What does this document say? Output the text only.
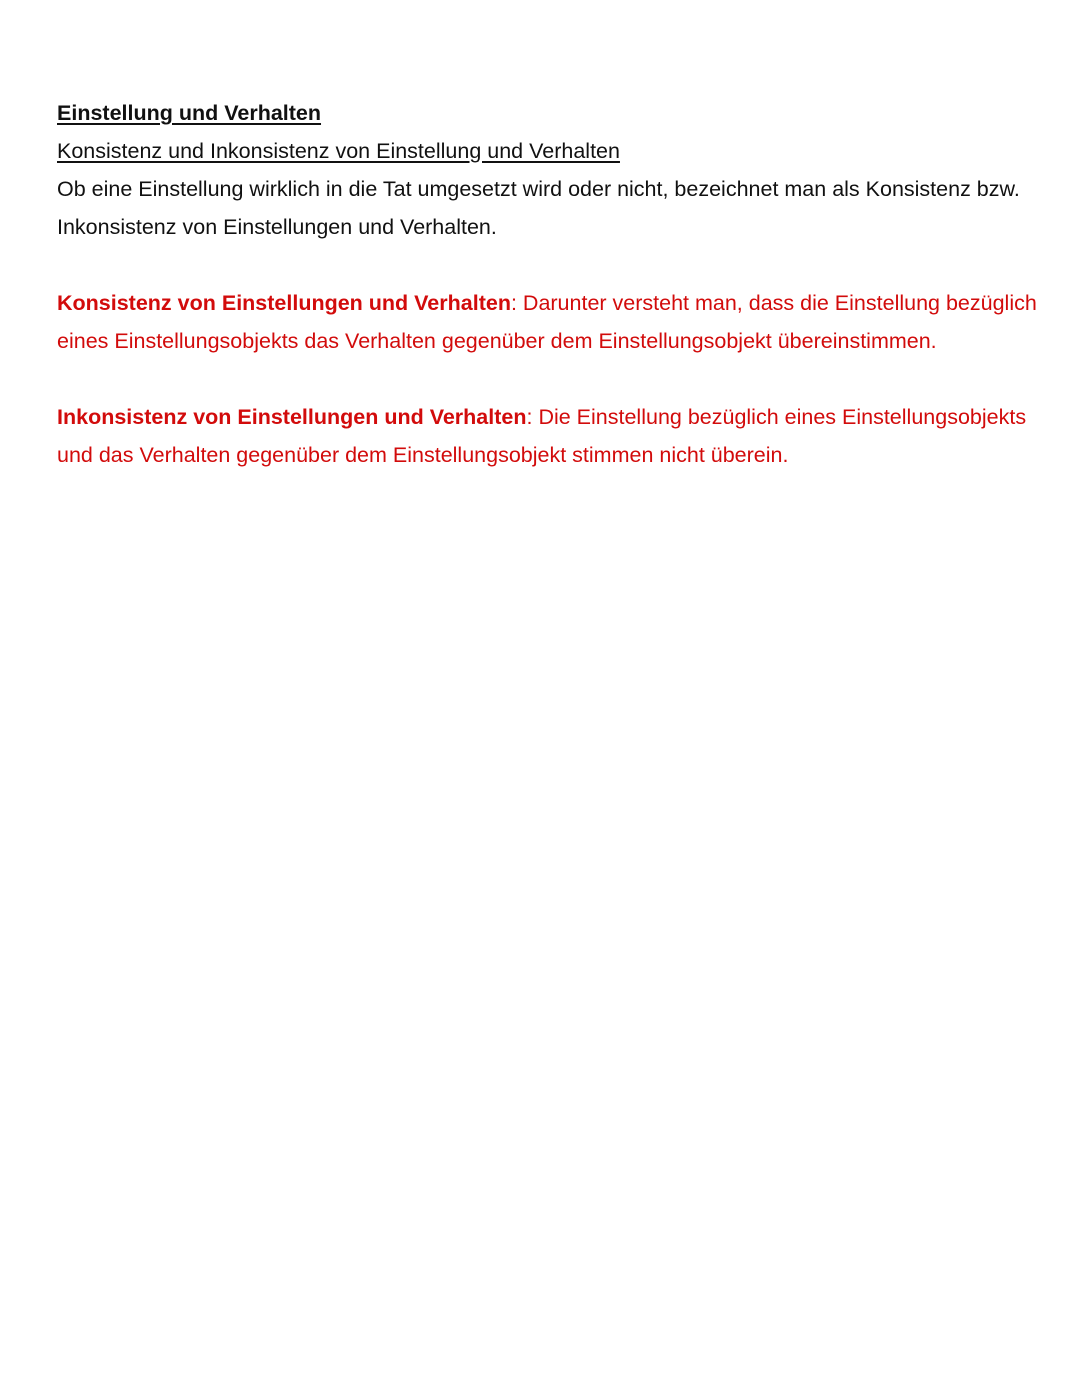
Einstellung und Verhalten

Konsistenz und Inkonsistenz von Einstellung und Verhalten

Ob eine Einstellung wirklich in die Tat umgesetzt wird oder nicht, bezeichnet man als Konsistenz bzw. Inkonsistenz von Einstellungen und Verhalten.

Konsistenz von Einstellungen und Verhalten: Darunter versteht man, dass die Einstellung bezüglich eines Einstellungsobjekts das Verhalten gegenüber dem Einstellungsobjekt übereinstimmen.

Inkonsistenz von Einstellungen und Verhalten: Die Einstellung bezüglich eines Einstellungsobjekts und das Verhalten gegenüber dem Einstellungsobjekt stimmen nicht überein.
